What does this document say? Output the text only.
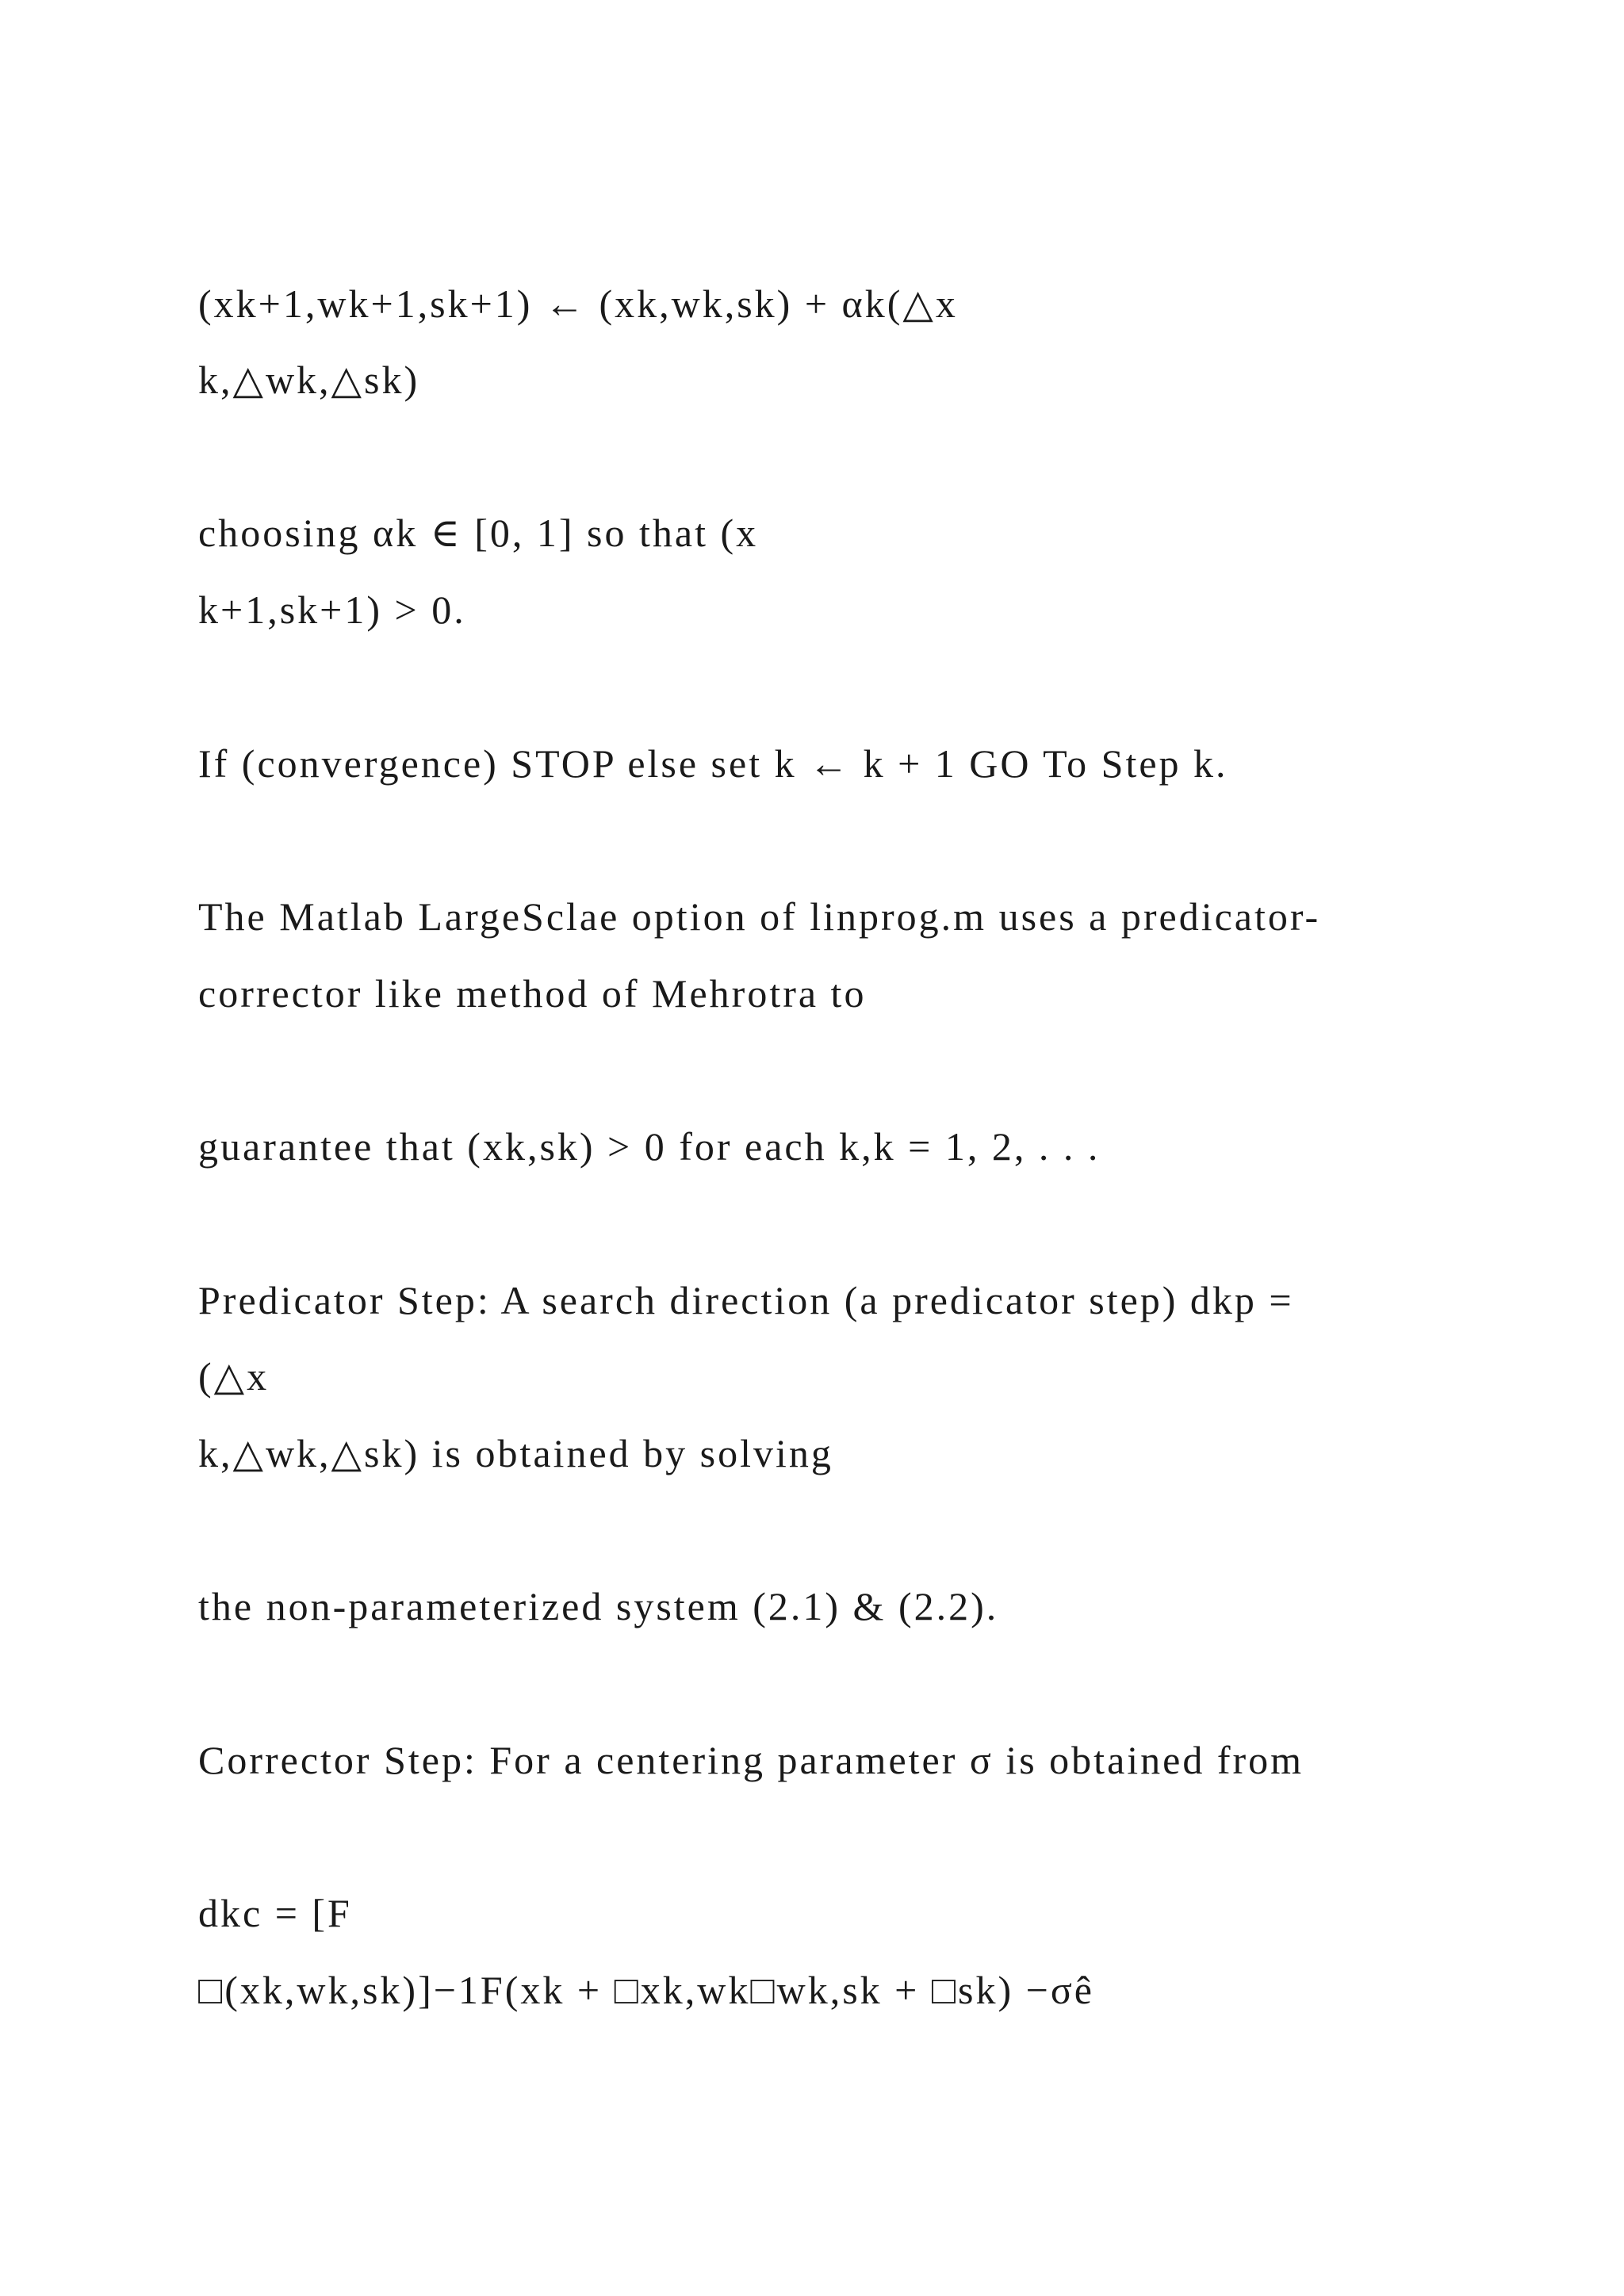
(xk+1,wk+1,sk+1) ← (xk,wk,sk) + αk(△x
k,△wk,△sk)
choosing αk ∈ [0, 1] so that (x
k+1,sk+1) > 0.
If (convergence) STOP else set k ← k + 1 GO To Step k.
The Matlab LargeSclae option of linprog.m uses a predicator-
corrector like method of Mehrotra to
guarantee that (xk,sk) > 0 for each k,k = 1, 2, . . .
Predicator Step: A search direction (a predicator step) dkp =
(△x
k,△wk,△sk) is obtained by solving
the non-parameterized system (2.1) & (2.2).
Corrector Step: For a centering parameter σ is obtained from
dkc = [F
□(xk,wk,sk)]−1F(xk + □xk,wk□wk,sk + □sk) −σê
